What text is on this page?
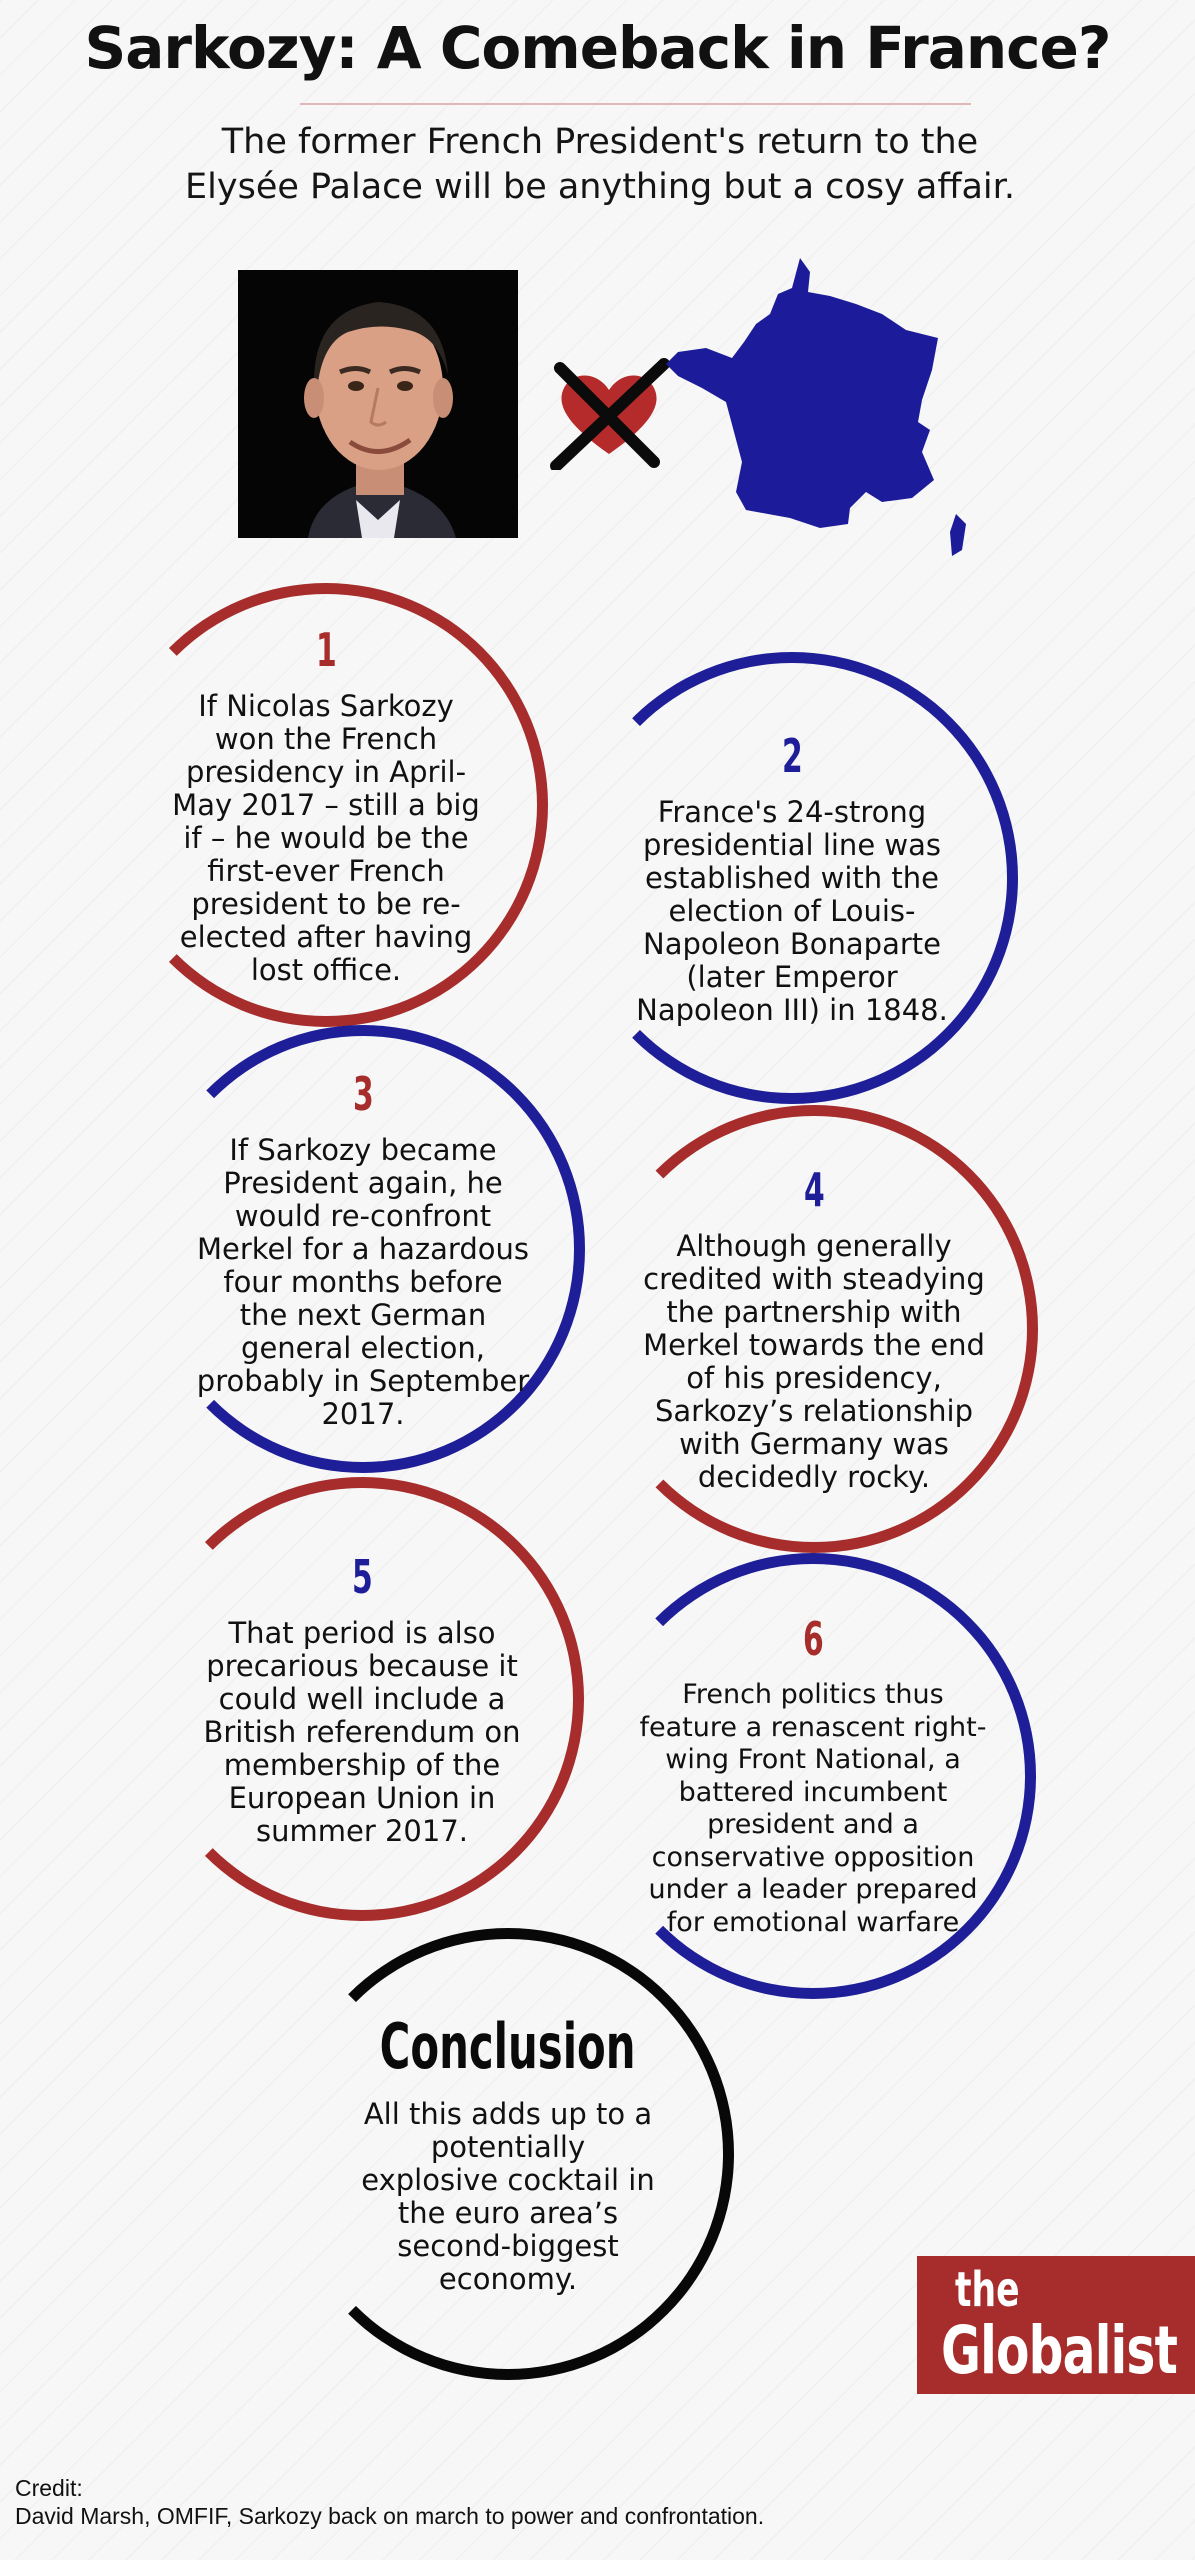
Sarkozy: A Comeback in France?
The former French President's return to the
Elysée Palace will be anything but a cosy affair.
1
If Nicolas Sarkozy won the French presidency in April-May 2017 – still a big if – he would be the first-ever French president to be re-elected after having lost office.
2
France's 24-strong presidential line was established with the election of Louis-Napoleon Bonaparte (later Emperor Napoleon III) in 1848.
3
If Sarkozy became President again, he would re-confront Merkel for a hazardous four months before the next German general election, probably in September 2017.
4
Although generally credited with steadying the partnership with Merkel towards the end of his presidency, Sarkozy’s relationship with Germany was decidedly rocky.
5
That period is also precarious because it could well include a British referendum on membership of the European Union in summer 2017.
6
French politics thus feature a renascent right-wing Front National, a battered incumbent president and a conservative opposition under a leader prepared for emotional warfare
Conclusion
All this adds up to a potentially explosive cocktail in the euro area’s second-biggest economy.	the
Globalist
Credit:
David Marsh, OMFIF, Sarkozy back on march to power and confrontation.
